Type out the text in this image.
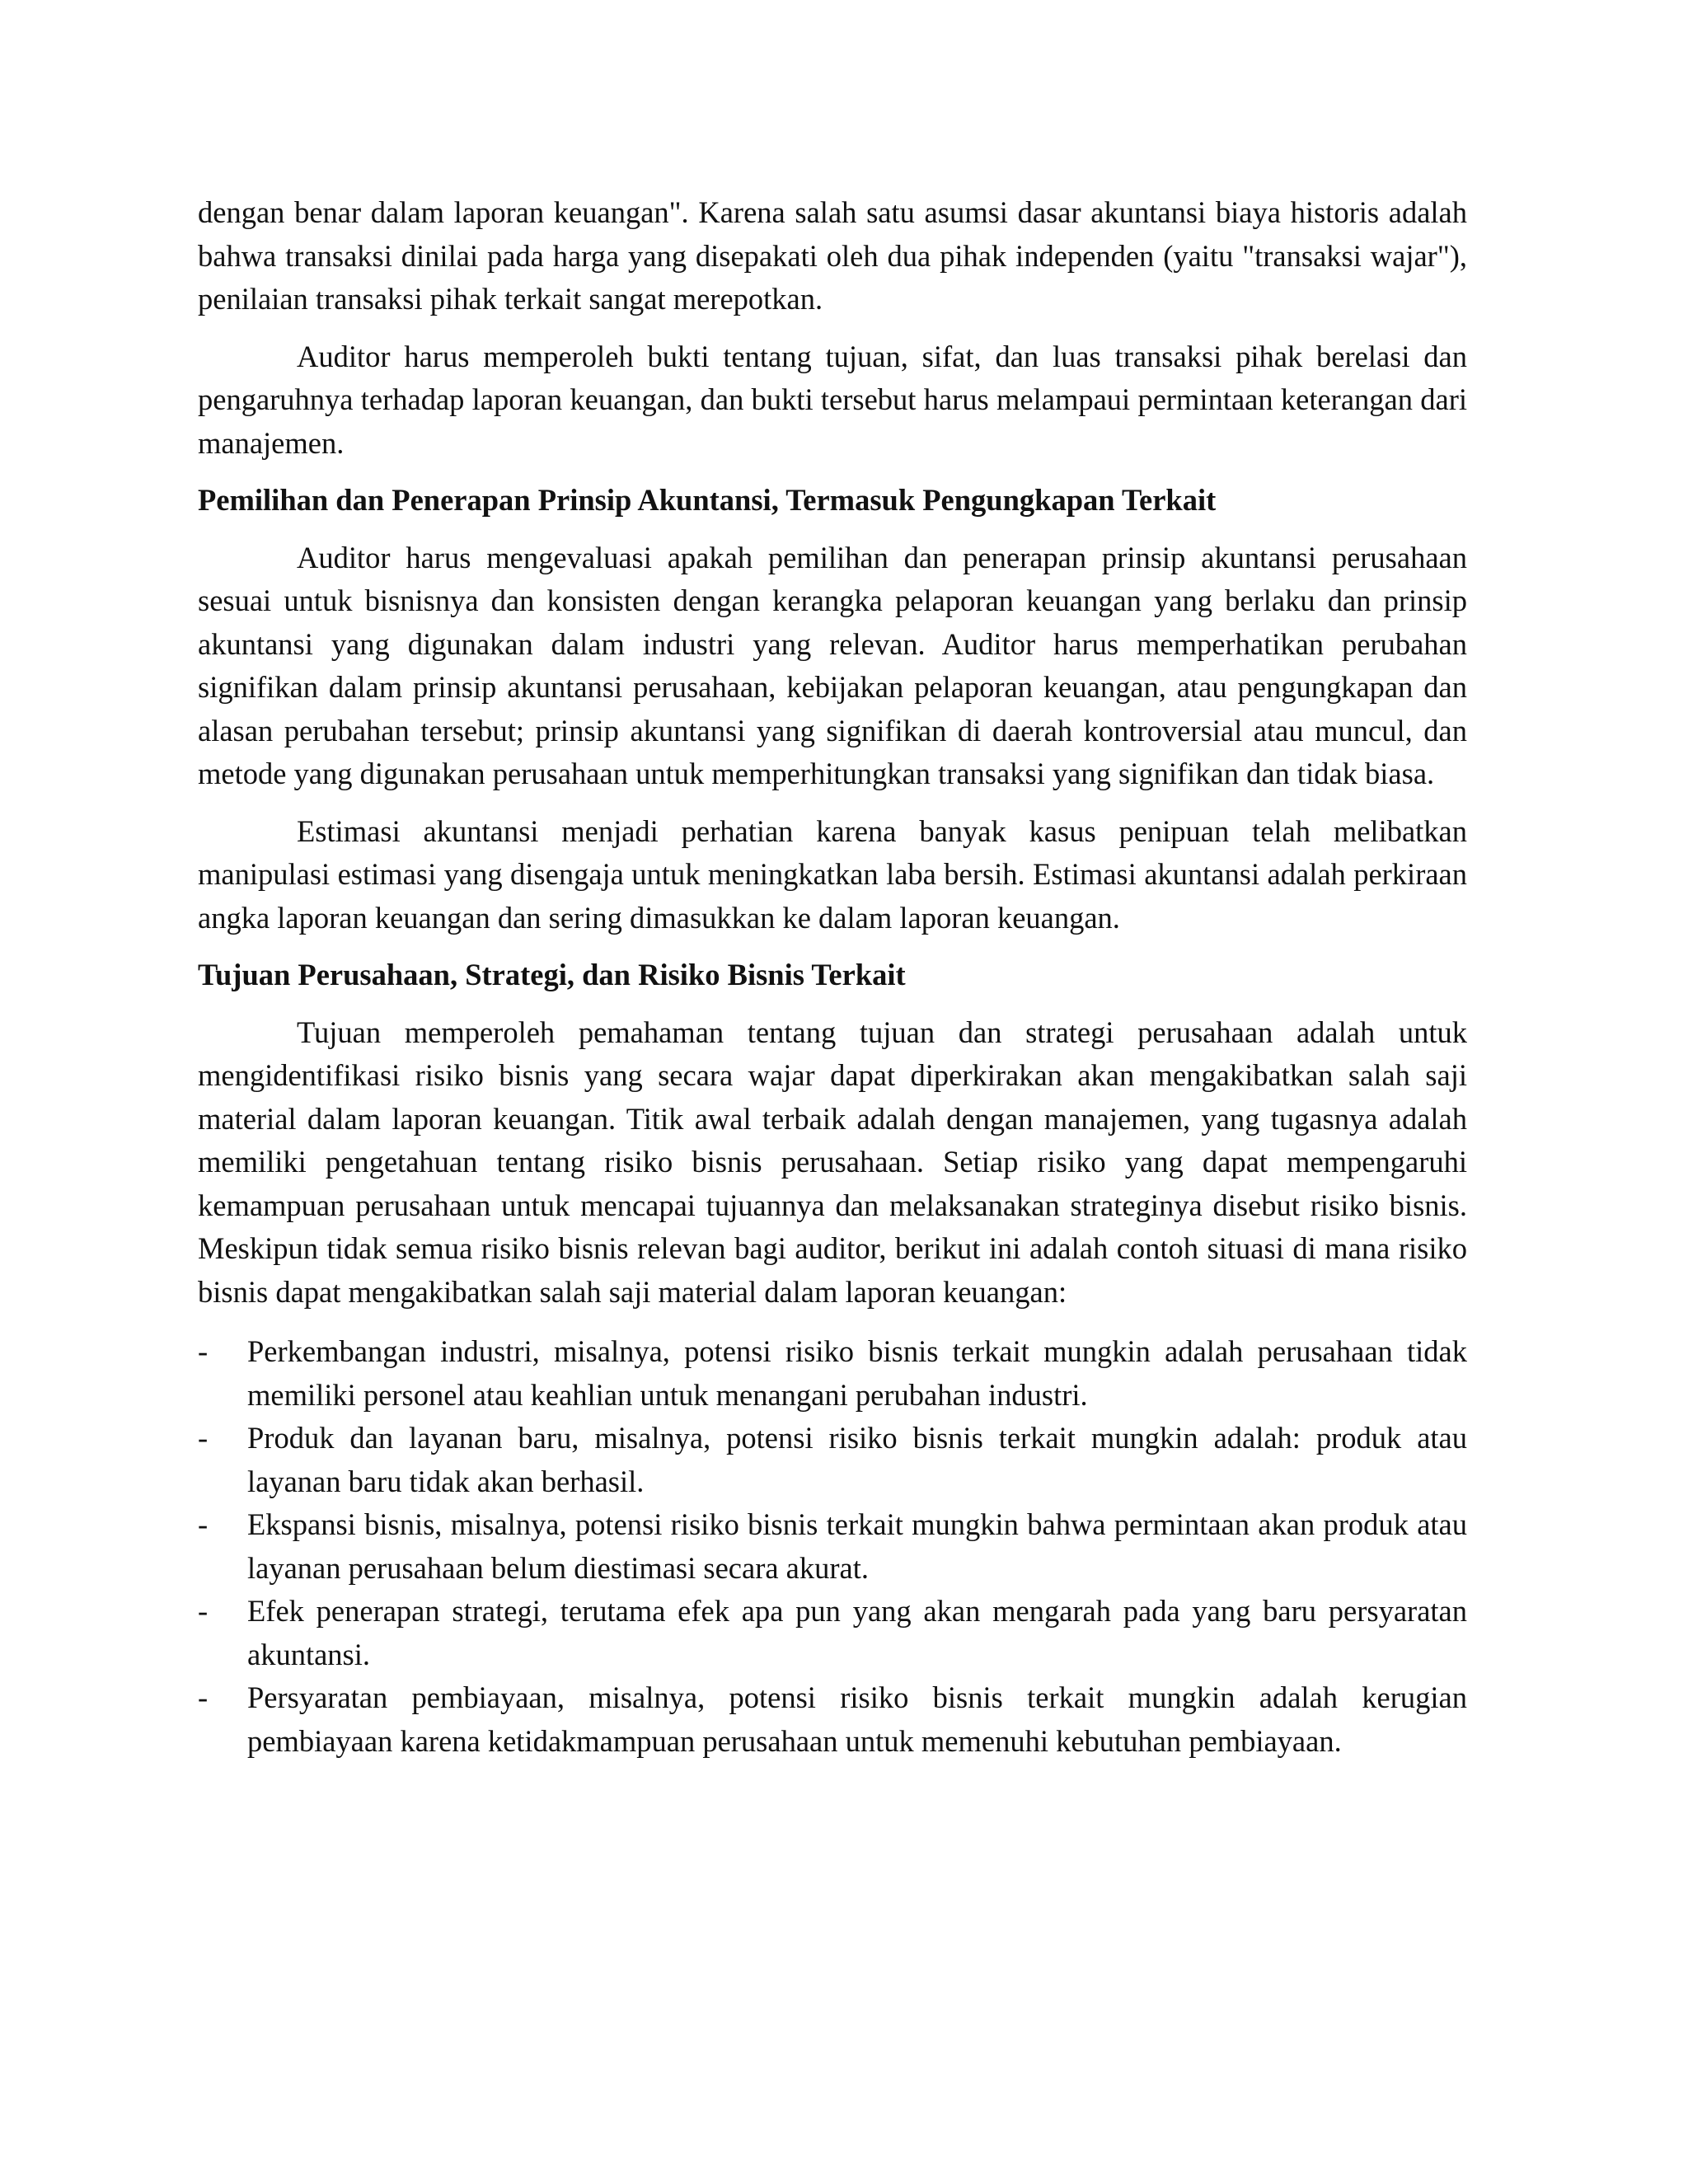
dengan benar dalam laporan keuangan". Karena salah satu asumsi dasar akuntansi biaya historis adalah bahwa transaksi dinilai pada harga yang disepakati oleh dua pihak independen (yaitu "transaksi wajar"), penilaian transaksi pihak terkait sangat merepotkan.

Auditor harus memperoleh bukti tentang tujuan, sifat, dan luas transaksi pihak berelasi dan pengaruhnya terhadap laporan keuangan, dan bukti tersebut harus melampaui permintaan keterangan dari manajemen.

Pemilihan dan Penerapan Prinsip Akuntansi, Termasuk Pengungkapan Terkait

Auditor harus mengevaluasi apakah pemilihan dan penerapan prinsip akuntansi perusahaan sesuai untuk bisnisnya dan konsisten dengan kerangka pelaporan keuangan yang berlaku dan prinsip akuntansi yang digunakan dalam industri yang relevan. Auditor harus memperhatikan perubahan signifikan dalam prinsip akuntansi perusahaan, kebijakan pelaporan keuangan, atau pengungkapan dan alasan perubahan tersebut; prinsip akuntansi yang signifikan di daerah kontroversial atau muncul, dan metode yang digunakan perusahaan untuk memperhitungkan transaksi yang signifikan dan tidak biasa.

Estimasi akuntansi menjadi perhatian karena banyak kasus penipuan telah melibatkan manipulasi estimasi yang disengaja untuk meningkatkan laba bersih. Estimasi akuntansi adalah perkiraan angka laporan keuangan dan sering dimasukkan ke dalam laporan keuangan.

Tujuan Perusahaan, Strategi, dan Risiko Bisnis Terkait

Tujuan memperoleh pemahaman tentang tujuan dan strategi perusahaan adalah untuk mengidentifikasi risiko bisnis yang secara wajar dapat diperkirakan akan mengakibatkan salah saji material dalam laporan keuangan. Titik awal terbaik adalah dengan manajemen, yang tugasnya adalah memiliki pengetahuan tentang risiko bisnis perusahaan. Setiap risiko yang dapat mempengaruhi kemampuan perusahaan untuk mencapai tujuannya dan melaksanakan strateginya disebut risiko bisnis. Meskipun tidak semua risiko bisnis relevan bagi auditor, berikut ini adalah contoh situasi di mana risiko bisnis dapat mengakibatkan salah saji material dalam laporan keuangan:

- Perkembangan industri, misalnya, potensi risiko bisnis terkait mungkin adalah perusahaan tidak memiliki personel atau keahlian untuk menangani perubahan industri.

- Produk dan layanan baru, misalnya, potensi risiko bisnis terkait mungkin adalah: produk atau layanan baru tidak akan berhasil.

- Ekspansi bisnis, misalnya, potensi risiko bisnis terkait mungkin bahwa permintaan akan produk atau layanan perusahaan belum diestimasi secara akurat.

- Efek penerapan strategi, terutama efek apa pun yang akan mengarah pada yang baru persyaratan akuntansi.

- Persyaratan pembiayaan, misalnya, potensi risiko bisnis terkait mungkin adalah kerugian pembiayaan karena ketidakmampuan perusahaan untuk memenuhi kebutuhan pembiayaan.
